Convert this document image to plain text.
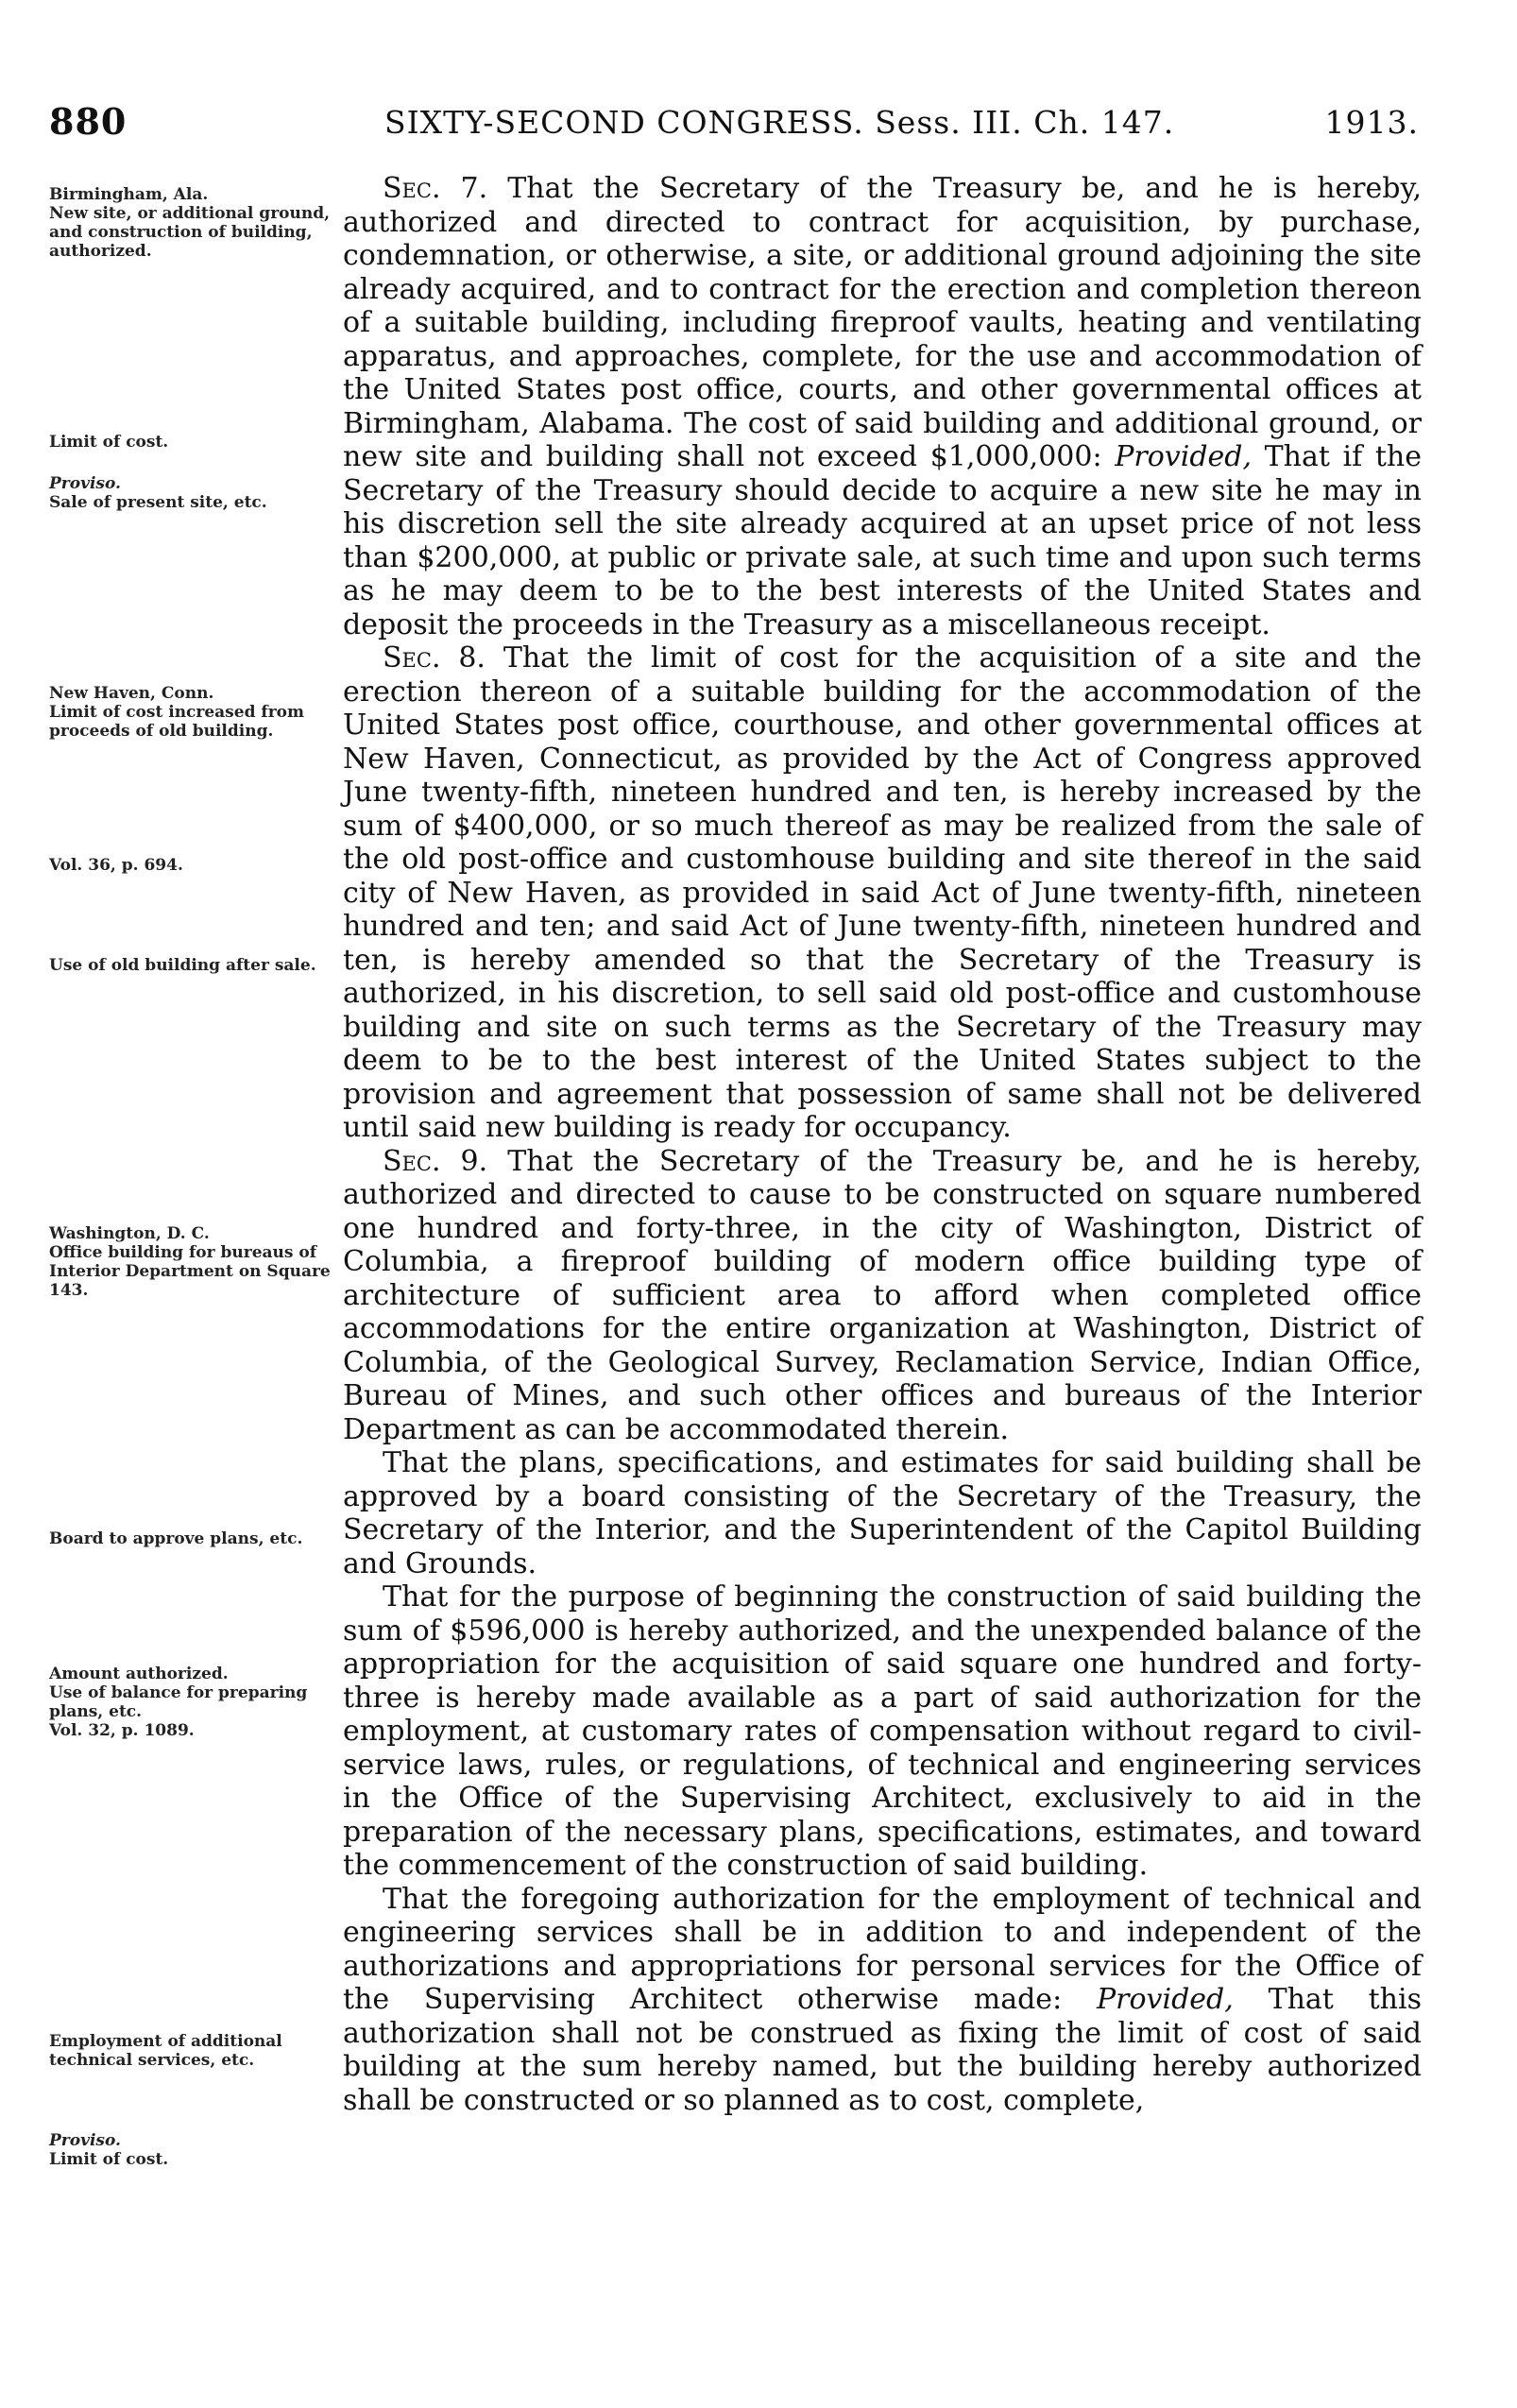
880	SIXTY-SECOND CONGRESS. Sess. III. Ch. 147.	1913.
Birmingham, Ala.
New site, or additional ground, and construction of building, authorized.
Limit of cost.
Proviso.
Sale of present site, etc.
New Haven, Conn.
Limit of cost increased from proceeds of old building.
Vol. 36, p. 694.
Use of old building after sale.
Washington, D. C.
Office building for bureaus of Interior Department on Square 143.
Board to approve plans, etc.
Amount authorized.
Use of balance for preparing plans, etc.
Vol. 32, p. 1089.
Employment of additional technical services, etc.
Proviso.
Limit of cost.

Sec. 7. That the Secretary of the Treasury be, and he is hereby, authorized and directed to contract for acquisition, by purchase, condemnation, or otherwise, a site, or additional ground adjoining the site already acquired, and to contract for the erection and completion thereon of a suitable building, including fireproof vaults, heating and ventilating apparatus, and approaches, complete, for the use and accommodation of the United States post office, courts, and other governmental offices at Birmingham, Alabama. The cost of said building and additional ground, or new site and building shall not exceed $1,000,000: Provided, That if the Secretary of the Treasury should decide to acquire a new site he may in his discretion sell the site already acquired at an upset price of not less than $200,000, at public or private sale, at such time and upon such terms as he may deem to be to the best interests of the United States and deposit the proceeds in the Treasury as a miscellaneous receipt.

Sec. 8. That the limit of cost for the acquisition of a site and the erection thereon of a suitable building for the accommodation of the United States post office, courthouse, and other governmental offices at New Haven, Connecticut, as provided by the Act of Congress approved June twenty-fifth, nineteen hundred and ten, is hereby increased by the sum of $400,000, or so much thereof as may be realized from the sale of the old post-office and customhouse building and site thereof in the said city of New Haven, as provided in said Act of June twenty-fifth, nineteen hundred and ten; and said Act of June twenty-fifth, nineteen hundred and ten, is hereby amended so that the Secretary of the Treasury is authorized, in his discretion, to sell said old post-office and customhouse building and site on such terms as the Secretary of the Treasury may deem to be to the best interest of the United States subject to the provision and agreement that possession of same shall not be delivered until said new building is ready for occupancy.

Sec. 9. That the Secretary of the Treasury be, and he is hereby, authorized and directed to cause to be constructed on square numbered one hundred and forty-three, in the city of Washington, District of Columbia, a fireproof building of modern office building type of architecture of sufficient area to afford when completed office accommodations for the entire organization at Washington, District of Columbia, of the Geological Survey, Reclamation Service, Indian Office, Bureau of Mines, and such other offices and bureaus of the Interior Department as can be accommodated therein.

That the plans, specifications, and estimates for said building shall be approved by a board consisting of the Secretary of the Treasury, the Secretary of the Interior, and the Superintendent of the Capitol Building and Grounds.

That for the purpose of beginning the construction of said building the sum of $596,000 is hereby authorized, and the unexpended balance of the appropriation for the acquisition of said square one hundred and forty-three is hereby made available as a part of said authorization for the employment, at customary rates of compensation without regard to civil-service laws, rules, or regulations, of technical and engineering services in the Office of the Supervising Architect, exclusively to aid in the preparation of the necessary plans, specifications, estimates, and toward the commencement of the construction of said building.

That the foregoing authorization for the employment of technical and engineering services shall be in addition to and independent of the authorizations and appropriations for personal services for the Office of the Supervising Architect otherwise made: Provided, That this authorization shall not be construed as fixing the limit of cost of said building at the sum hereby named, but the building hereby authorized shall be constructed or so planned as to cost, complete,
